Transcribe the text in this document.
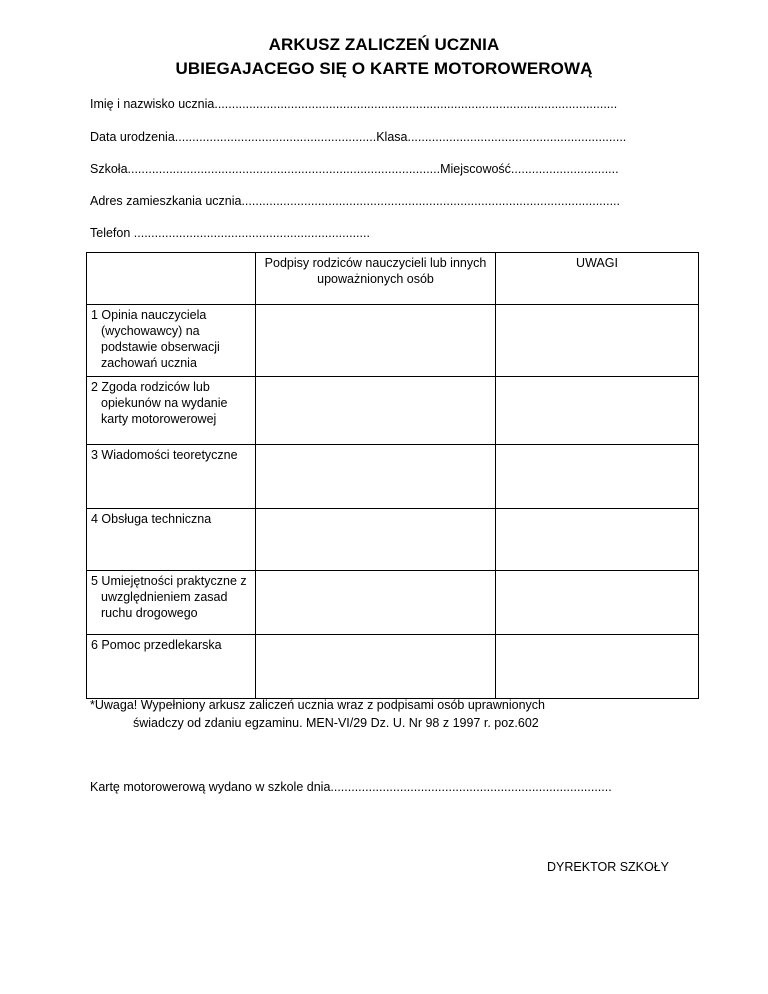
ARKUSZ ZALICZEŃ UCZNIA
UBIEGAJACEGO SIĘ O KARTE MOTOROWEROWĄ
Imię i nazwisko ucznia....................................................................................................................
Data urodzenia..........................................................Klasa...............................................................
Szkoła..........................................................................................Miejscowość...............................
Adres zamieszkania ucznia.............................................................................................................
Telefon ....................................................................
	Podpisy rodziców nauczycieli lub innych upoważnionych osób	UWAGI

1 Opinia nauczyciela (wychowawcy) na podstawie obserwacji zachowań ucznia		

2 Zgoda rodziców lub opiekunów na wydanie karty motorowerowej		

3 Wiadomości teoretyczne		

4 Obsługa techniczna		

5 Umiejętności praktyczne z uwzględnieniem zasad ruchu drogowego		

6 Pomoc przedlekarska		

*Uwaga! Wypełniony arkusz zaliczeń ucznia wraz z podpisami osób uprawnionych
świadczy od zdaniu egzaminu. MEN-VI/29 Dz. U. Nr 98 z 1997 r. poz.602
Kartę motorowerową wydano w szkole dnia.................................................................................
DYREKTOR SZKOŁY
